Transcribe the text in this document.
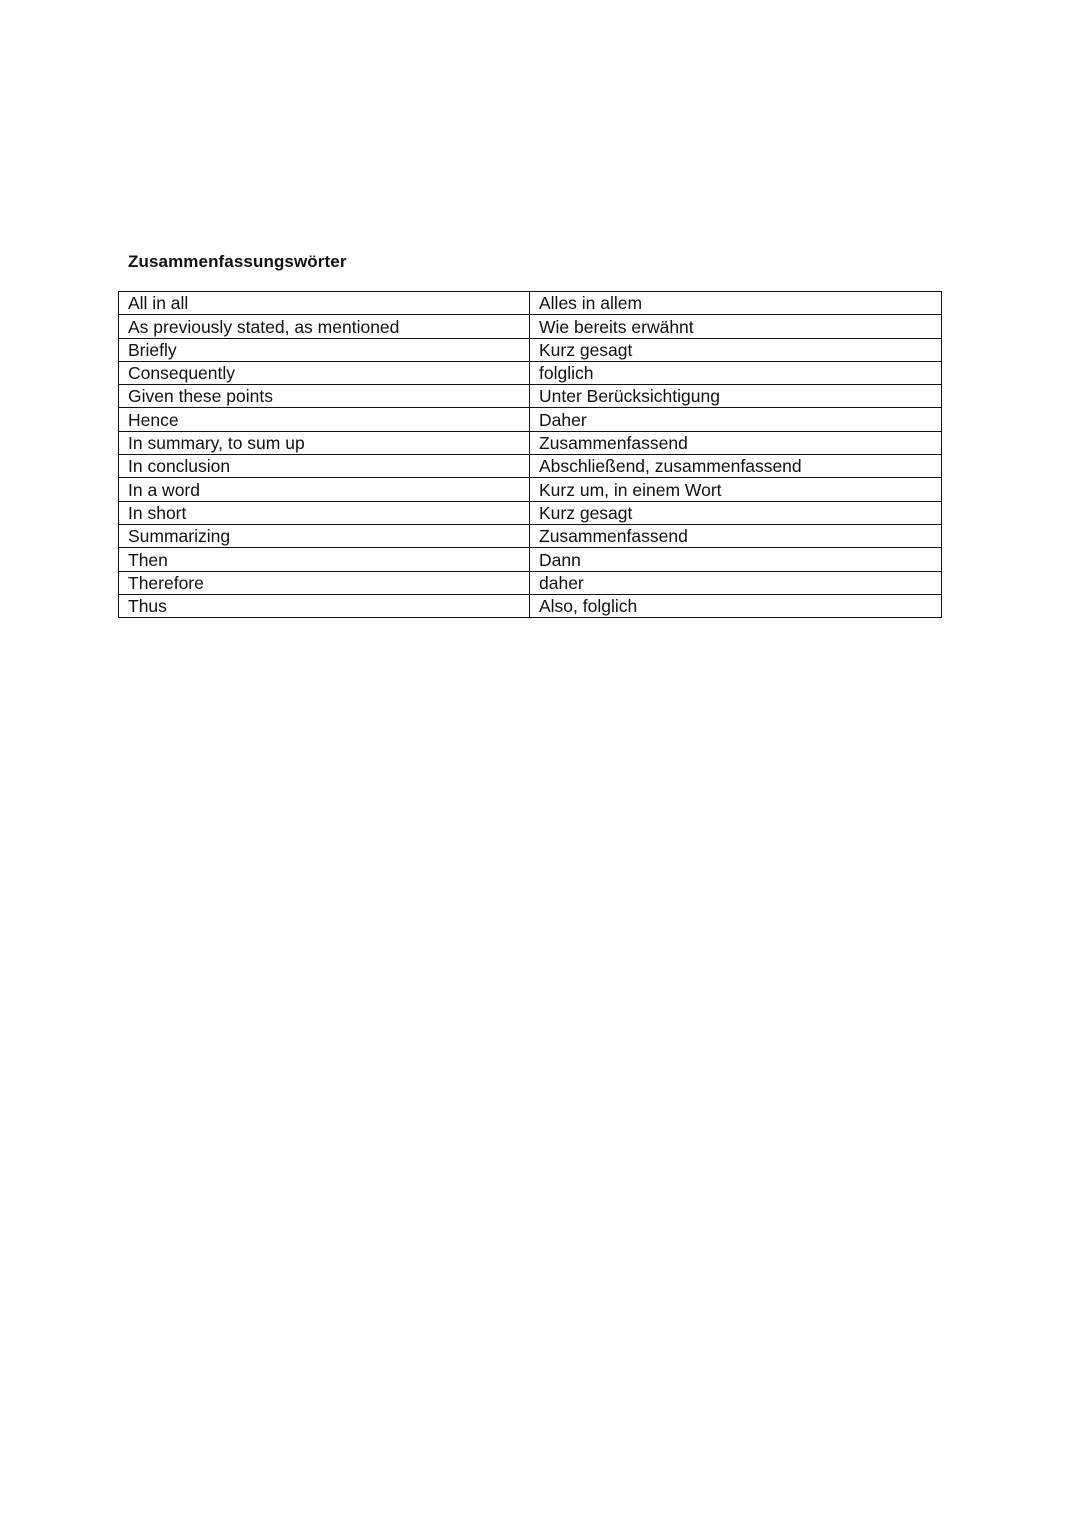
Zusammenfassungswörter
All in all	Alles in allem
As previously stated, as mentioned	Wie bereits erwähnt
Briefly	Kurz gesagt
Consequently	folglich
Given these points	Unter Berücksichtigung
Hence	Daher
In summary, to sum up	Zusammenfassend
In conclusion	Abschließend, zusammenfassend
In a word	Kurz um, in einem Wort
In short	Kurz gesagt
Summarizing	Zusammenfassend
Then	Dann
Therefore	daher
Thus	Also, folglich
